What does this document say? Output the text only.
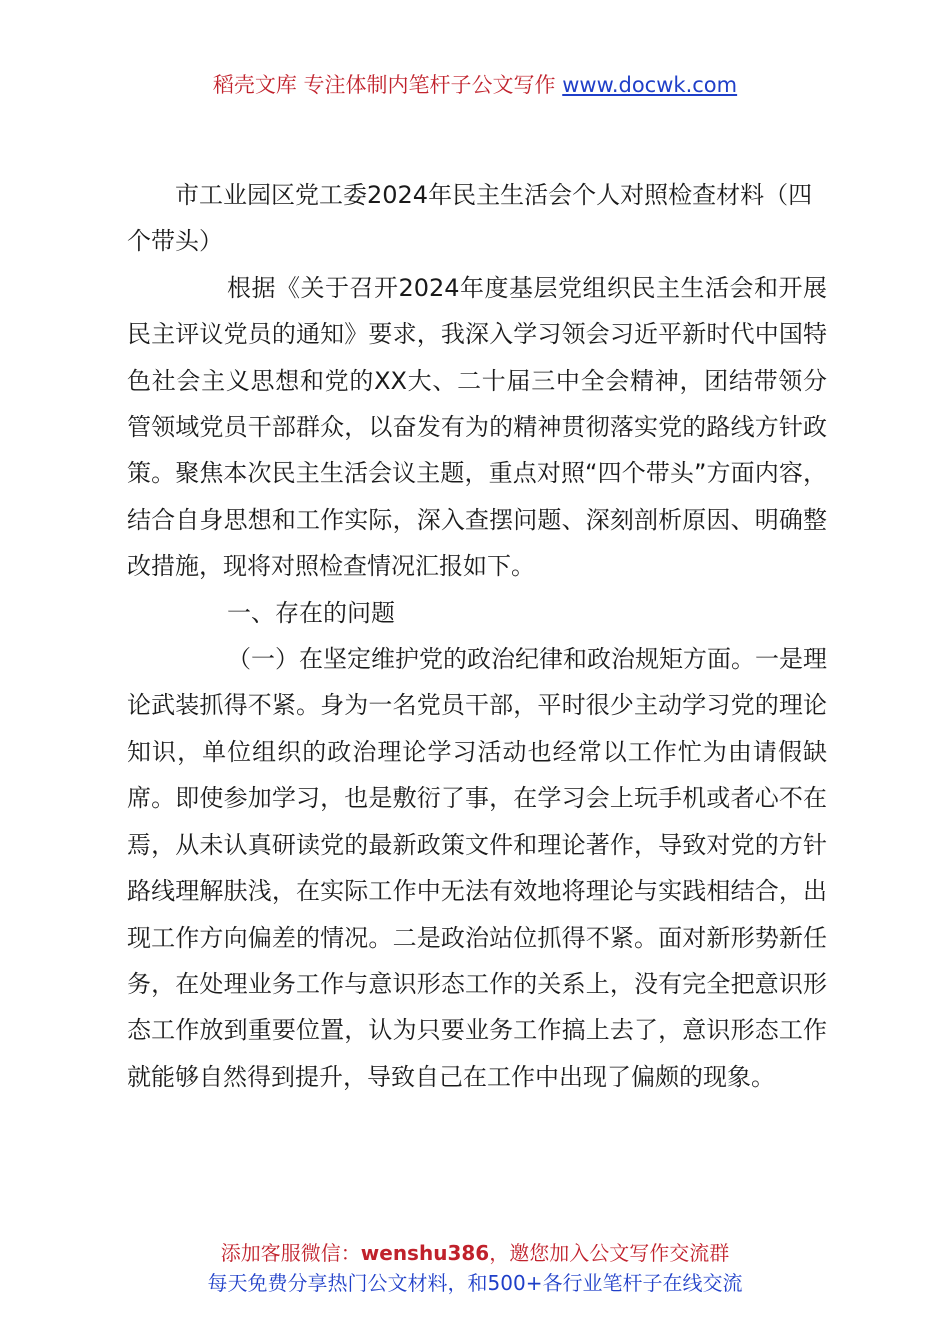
稻壳文库 专注体制内笔杆子公文写作 www.docwk.com

市工业园区党工委2024年民主生活会个人对照检查材料（四个带头）

根据《关于召开2024年度基层党组织民主生活会和开展民主评议党员的通知》要求，我深入学习领会习近平新时代中国特色社会主义思想和党的XX大、二十届三中全会精神，团结带领分管领域党员干部群众，以奋发有为的精神贯彻落实党的路线方针政策。聚焦本次民主生活会议主题，重点对照“四个带头”方面内容，结合自身思想和工作实际，深入查摆问题、深刻剖析原因、明确整改措施，现将对照检查情况汇报如下。

一、存在的问题

（一）在坚定维护党的政治纪律和政治规矩方面。一是理论武装抓得不紧。身为一名党员干部，平时很少主动学习党的理论知识，单位组织的政治理论学习活动也经常以工作忙为由请假缺席。即使参加学习，也是敷衍了事，在学习会上玩手机或者心不在焉，从未认真研读党的最新政策文件和理论著作，导致对党的方针路线理解肤浅，在实际工作中无法有效地将理论与实践相结合，出现工作方向偏差的情况。二是政治站位抓得不紧。面对新形势新任务，在处理业务工作与意识形态工作的关系上，没有完全把意识形态工作放到重要位置，认为只要业务工作搞上去了，意识形态工作就能够自然得到提升，导致自己在工作中出现了偏颇的现象。

添加客服微信：wenshu386，邀您加入公文写作交流群
每天免费分享热门公文材料，和500+各行业笔杆子在线交流
